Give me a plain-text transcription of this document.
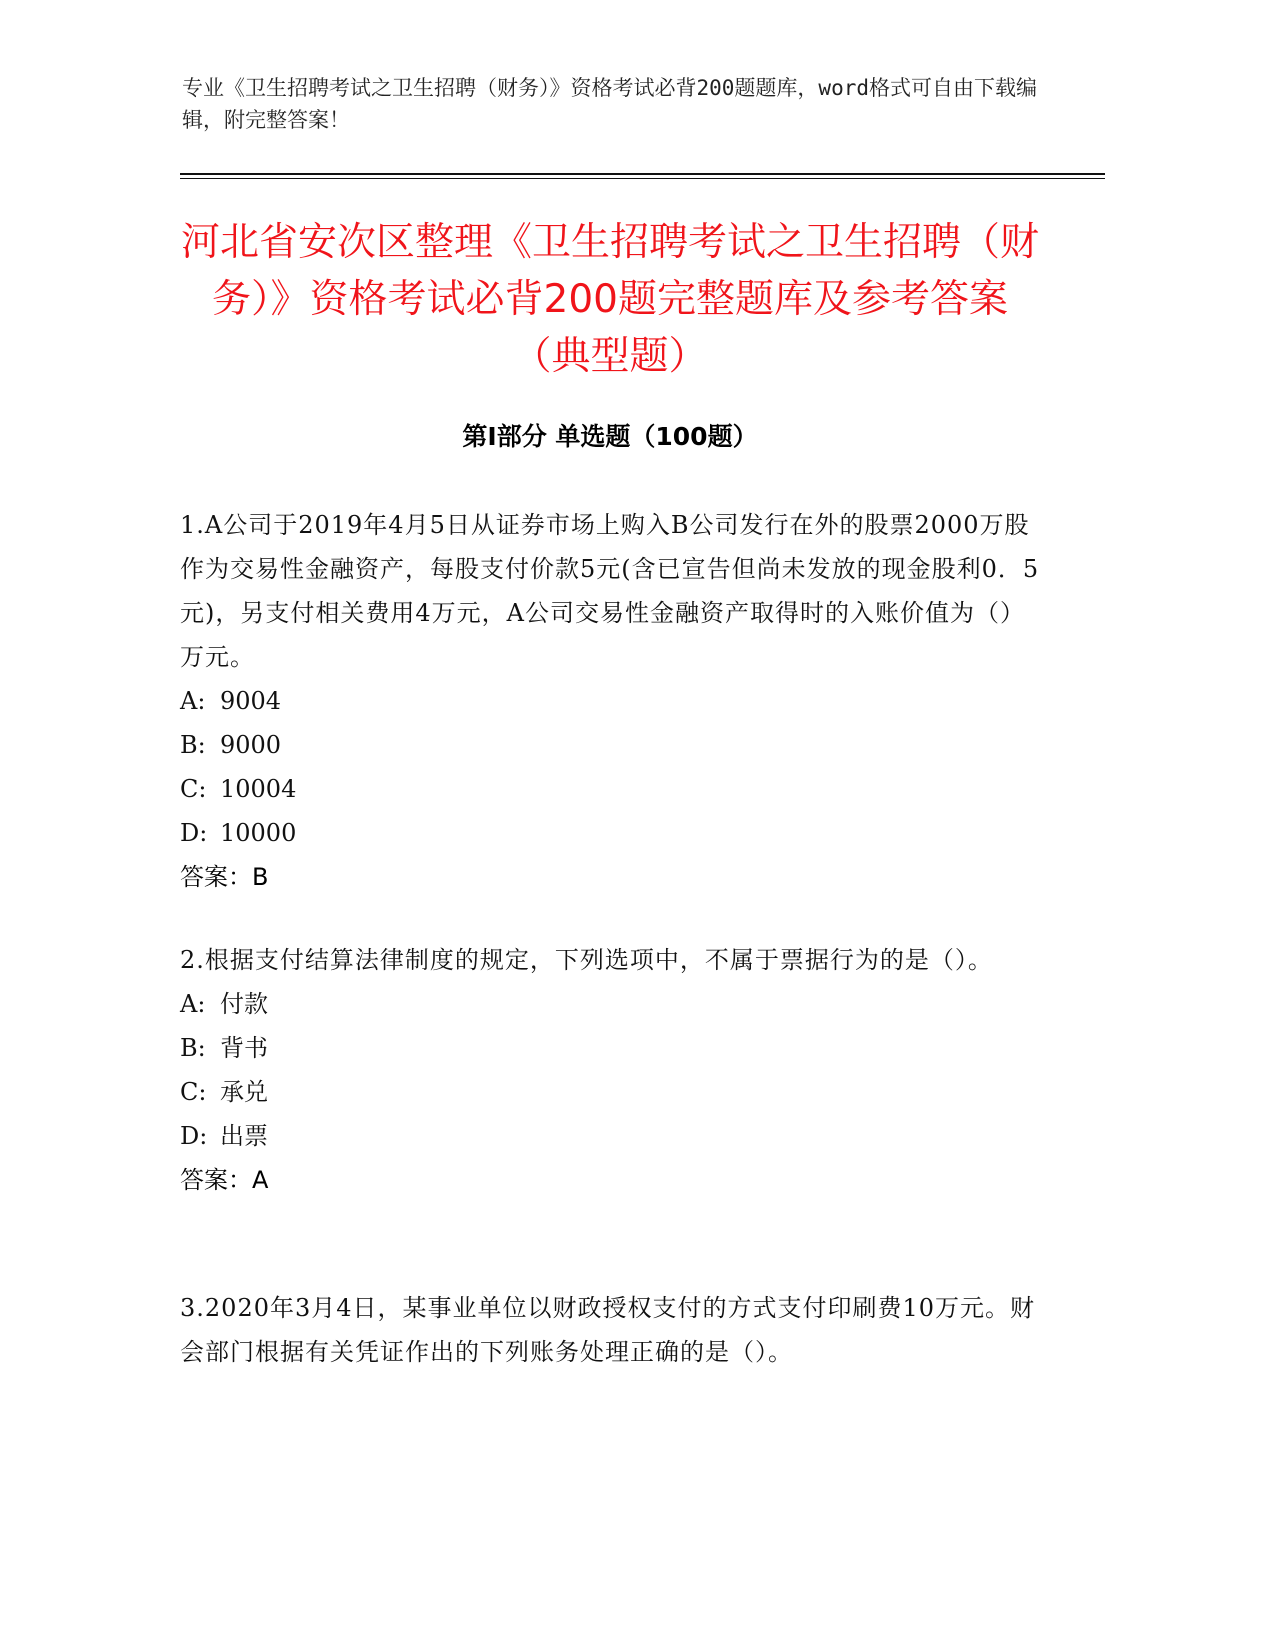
专业《卫生招聘考试之卫生招聘（财务）》资格考试必背200题题库，word格式可自由下载编辑，附完整答案！
河北省安次区整理《卫生招聘考试之卫生招聘（财务）》资格考试必背200题完整题库及参考答案（典型题）
第Ⅰ部分 单选题（100题）
1.A公司于2019年4月5日从证券市场上购入B公司发行在外的股票2000万股作为交易性金融资产，每股支付价款5元(含已宣告但尚未发放的现金股利0．5元)，另支付相关费用4万元，A公司交易性金融资产取得时的入账价值为（）万元。
A: 9004
B: 9000
C: 10004
D: 10000
答案：B
2.根据支付结算法律制度的规定，下列选项中，不属于票据行为的是（）。
A: 付款
B: 背书
C: 承兑
D: 出票
答案：A
3.2020年3月4日，某事业单位以财政授权支付的方式支付印刷费10万元。财会部门根据有关凭证作出的下列账务处理正确的是（）。
